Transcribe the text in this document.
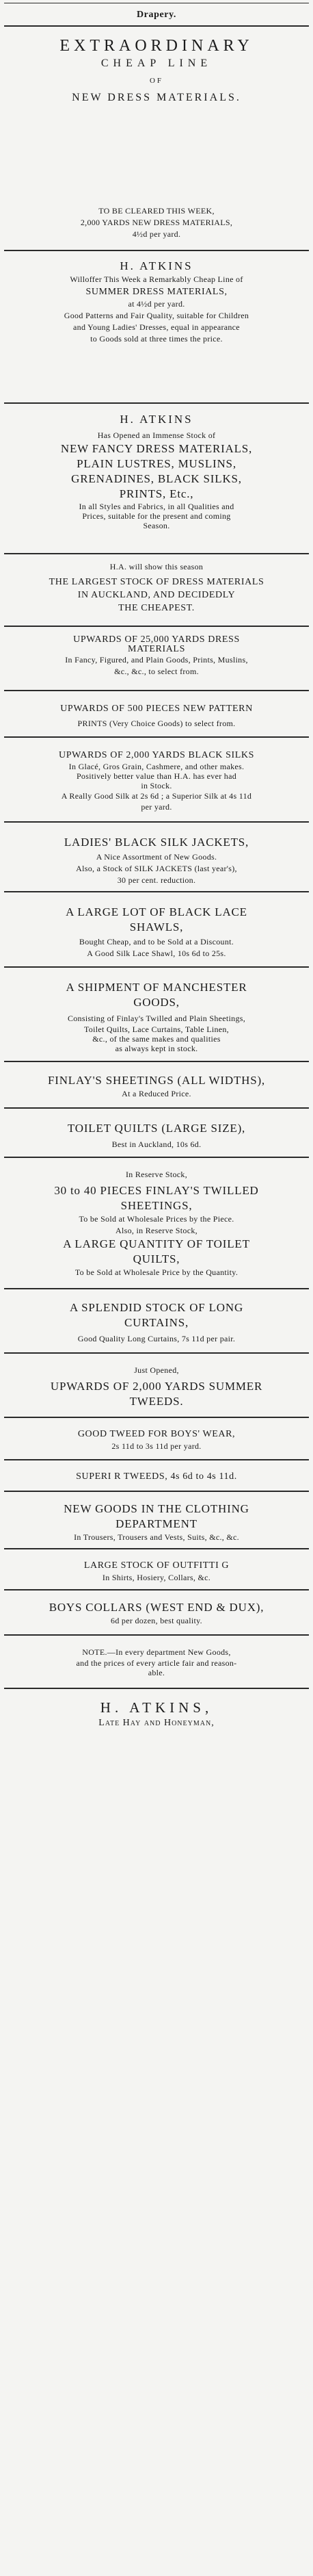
Drapery.
EXTRAORDINARY
CHEAP LINE
OF
NEW DRESS MATERIALS.
TO BE CLEARED THIS WEEK,
2,000 YARDS NEW DRESS MATERIALS,
4½d per yard.
H. ATKINS
Willoffer This Week a Remarkably Cheap Line of
SUMMER DRESS MATERIALS,
at 4½d per yard.
Good Patterns and Fair Quality, suitable for Children
and Young Ladies' Dresses, equal in appearance
to Goods sold at three times the price.
H. ATKINS
Has Opened an Immense Stock of
NEW FANCY DRESS MATERIALS,
PLAIN LUSTRES, MUSLINS,
GRENADINES, BLACK SILKS,
PRINTS, Etc.,
In all Styles and Fabrics, in all Qualities and
Prices, suitable for the present and coming
Season.
H.A. will show this season
THE LARGEST STOCK OF DRESS MATERIALS
IN AUCKLAND, AND DECIDEDLY
THE CHEAPEST.
UPWARDS OF 25,000 YARDS DRESS
MATERIALS
In Fancy, Figured, and Plain Goods, Prints, Muslins,
&c., &c., to select from.
UPWARDS OF 500 PIECES NEW PATTERN
PRINTS (Very Choice Goods) to select from.
UPWARDS OF 2,000 YARDS BLACK SILKS
In Glacé, Gros Grain, Cashmere, and other makes.
Positively better value than H.A. has ever had
in Stock.
A Really Good Silk at 2s 6d ; a Superior Silk at 4s 11d
per yard.
LADIES' BLACK SILK JACKETS,
A Nice Assortment of New Goods.
Also, a Stock of SILK JACKETS (last year's),
30 per cent. reduction.
A LARGE LOT OF BLACK LACE
SHAWLS,
Bought Cheap, and to be Sold at a Discount.
A Good Silk Lace Shawl, 10s 6d to 25s.
A SHIPMENT OF MANCHESTER
GOODS,
Consisting of Finlay's Twilled and Plain Sheetings,
Toilet Quilts, Lace Curtains, Table Linen,
&c., of the same makes and qualities
as always kept in stock.
FINLAY'S SHEETINGS (ALL WIDTHS),
At a Reduced Price.
TOILET QUILTS (LARGE SIZE),
Best in Auckland, 10s 6d.
In Reserve Stock,
30 to 40 PIECES FINLAY'S TWILLED
SHEETINGS,
To be Sold at Wholesale Prices by the Piece.
Also, in Reserve Stock,
A LARGE QUANTITY OF TOILET
QUILTS,
To be Sold at Wholesale Price by the Quantity.
A SPLENDID STOCK OF LONG
CURTAINS,
Good Quality Long Curtains, 7s 11d per pair.
Just Opened,
UPWARDS OF 2,000 YARDS SUMMER
TWEEDS.
GOOD TWEED FOR BOYS' WEAR,
2s 11d to 3s 11d per yard.
SUPERI R TWEEDS, 4s 6d to 4s 11d.
NEW GOODS IN THE CLOTHING
DEPARTMENT
In Trousers, Trousers and Vests, Suits, &c., &c.
LARGE STOCK OF OUTFITTI G
In Shirts, Hosiery, Collars, &c.
BOYS COLLARS (WEST END & DUX),
6d per dozen, best quality.
NOTE.—In every department New Goods,
and the prices of every article fair and reason-
able.
H. ATKINS,
Late Hay and Honeyman,
